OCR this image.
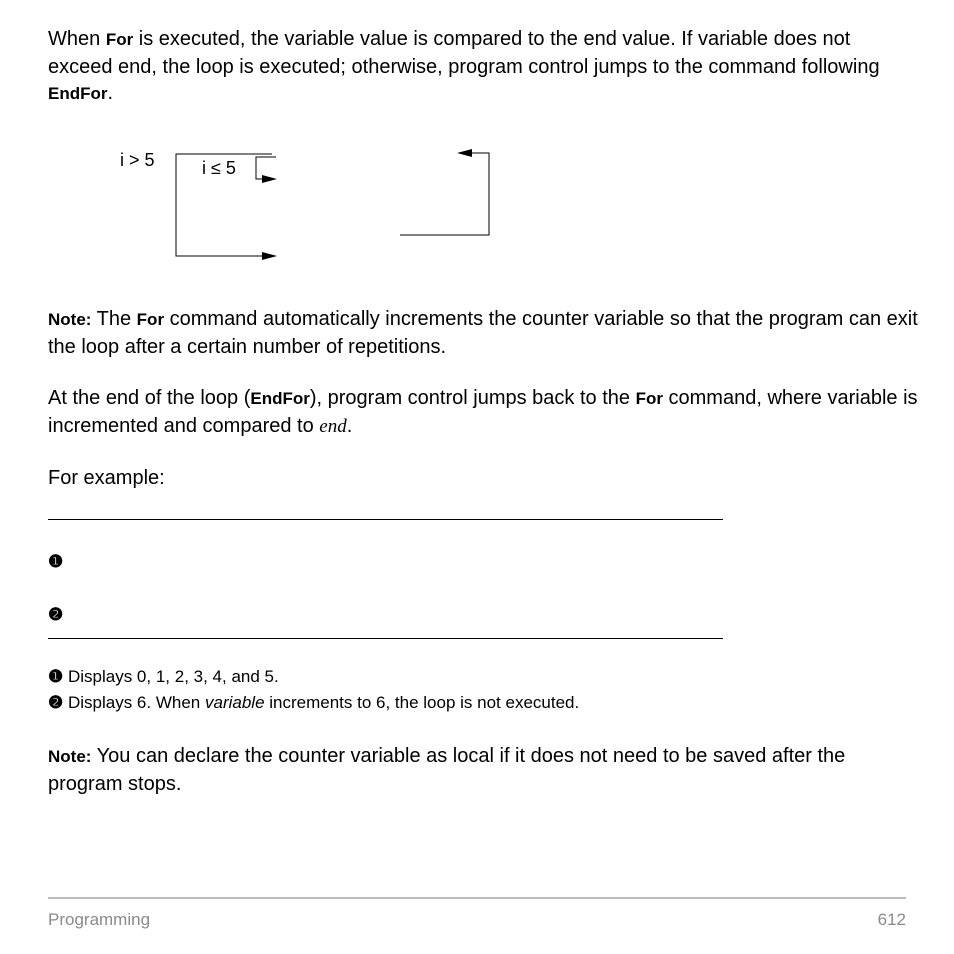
When For is executed, the variable value is compared to the end value. If variable does not exceed end, the loop is executed; otherwise, program control jumps to the command following EndFor.

i > 5	i ≤ 5

Note: The For command automatically increments the counter variable so that the program can exit the loop after a certain number of repetitions.

At the end of the loop (EndFor), program control jumps back to the For command, where variable is incremented and compared to end.

For example:

❶
❷
❶ Displays 0, 1, 2, 3, 4, and 5.
❷ Displays 6. When variable increments to 6, the loop is not executed.

Note: You can declare the counter variable as local if it does not need to be saved after the program stops.

Programming	612
